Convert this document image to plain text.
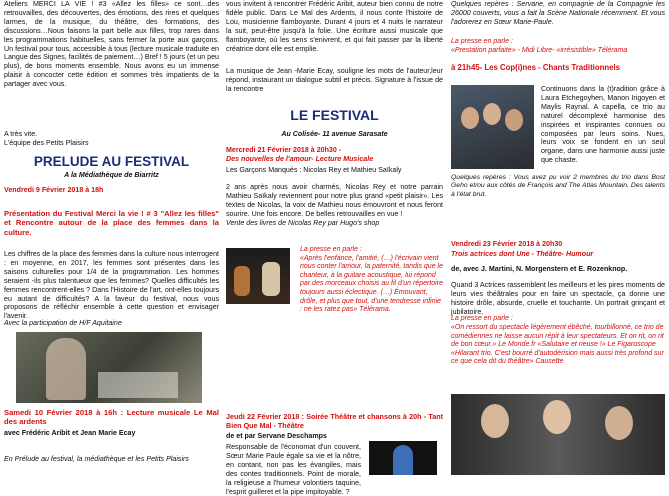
Ateliers MERCI LA VIE ! #3 «Allez les filles» ce sont…des retrouvailles, des découvertes, des émotions, des rires et quelques larmes, de la musique, du théâtre, des formations, des discussions…Nous faisons la part belle aux filles, trop rares dans les programmations habituelles, sans fermer la porte aux garçons. Un festival pour tous, accessible à tous (lecture musicale traduite en Langue des Signes, facilités de paiement…) Bref ! 5 jours (et un peu plus), de bons moments ensemble. Nous avons eu un immense plaisir à concocter cette édition et sommes très impatients de la partager avec vous.

A très vite.

L'équipe des Petits Plaisirs

PRELUDE AU FESTIVAL

A la Médiathèque de Biarritz

Vendredi 9 Février 2018 à 18h

Présentation du Festival Merci la vie ! # 3 "Allez les filles" et Rencontre autour de la place des femmes dans la culture.

Les chiffres de la place des femmes dans la culture nous interrogent : en moyenne, en 2017, les femmes sont présentes dans les saisons culturelles pour 1/4 de la programmation. Les hommes seraient -ils plus talentueux que les femmes? Quelles difficultés les femmes rencontrent-elles ? Dans l'Histoire de l'art, ont-elles toujours eu autant de difficultés? A la faveur du festival, nous vous proposons de réfléchir ensemble à cette question et envisager l'avenir.

Avec la participation de H/F Aquitaine

Samedi 10 Février 2018 à 16h : Lecture musicale Le Mal des ardents

avec Frédéric Aribit et Jean Marie Ecay

En Prélude au festival, la médiathèque et les Petits Plaisirs

vous invitent à rencontrer Frédéric Aribit, auteur bien connu de notre fidèle public. Dans Le Mal des Ardents, il nous conte l'histoire de Lou, musicienne flamboyante. Durant 4 jours et 4 nuits le narrateur la suit, peut-être jusqu'à la folie. Une écriture aussi musicale que flamboyante, où les sens s'enivrent, et qui fait passer par la liberté créatrice dont elle est emplie.

La musique de Jean -Marie Ecay, souligne les mots de l'auteur,leur répond, instaurant un dialogue subtil et précis. Signature à l'issue de la rencontre

LE FESTIVAL

Au Colisée- 11 avenue Sarasate

Mercredi 21 Février 2018 à 20h30 -

Des nouvelles de l'amour- Lecture Musicale

Les Garçons Manqués : Nicolas Rey et Mathieu Saïkaly

2 ans après nous avoir charmés, Nicolas Rey et notre parrain Mathieu Saïkaly reviennent pour notre plus grand «petit plaisir». Les textes de Nicolas, la voix de Mathieu nous émouvront et nous feront sourire. Une fois encore. De belles retrouvailles en vue !

Vente des livres de Nicolas Rey par Hugo's shop

La presse en parle :

«Après l'enfance, l'amitié, (…) l'écrivain vient nous conter l'amour, la paternité, tandis que le chanteur, à la guitare acoustique, lui répond par des morceaux choisis au fil d'un répertoire toujours aussi éclectique. (…) Émouvant, drôle, et plus que tout, d'une tendresse infinie : ne les ratez pas» Télérama.

Jeudi 22 Février 2018 : Soirée Théâtre et chansons à 20h - Tant Bien Que Mal - Théâtre

de et par Servane Deschamps

Responsable de l'économat d'un couvent, Sœur Marie Paule égale sa vie et la nôtre, en contant, non pas les évangiles, mais des contes traditionnels. Point de morale, la religieuse a l'humeur volontiers taquine, l'esprit guilleret et la pipe impitoyable. ?

Quelques repères : Servane, en compagnie de la Compagnie les 26000 couverts, vous a fait la Scène Nationale récemment. Et vous l'adorerez en Sœur Marie-Paule.

La presse en parle :

«Prestation parfaite» - Midi Libre- «irrésistible» Télérama

à 21h45- Les Cop(i)nes - Chants Traditionnels

Continuons dans la (t)radition grâce à Laura Etchegoyhen, Manon Irigoyen et Maylis Raynal. A capella, ce trio au naturel décomplexé harmonise des inspirées et inspirantes connues ou composées par leurs soins. Nues, leurs voix se fondent en un seul organe, dans une harmonie aussi juste que chaste.

Quelques repères : Vous avez pu voir 2 membres du trio dans Bost Geho et/ou aux côtés de François and The Atlas Mountain. Des talents à l'état brut.

Vendredi 23 Février 2018 à 20h30

Trois actrices dont Une - Théâtre- Humour

de, avec J. Martini, N. Morgenstern et E. Rozenknop.

Quand 3 Actrices rassemblent les meilleurs et les pires moments de leurs vies théâtrales pour en faire un spectacle, ça donne une histoire drôle, absurde, cruelle et touchante. Un portrait grinçant et jubilatoire.

La presse en parle :

«On ressort du spectacle légèrement ébêché, tourbillonné, ce trio de comédiennes ne laisse aucun répit à leur spectateurs. Et on rit, on rit de bon cœur.» Le Monde.fr «Salutaire et rieuse !» Le Figaroscope «Hilarant trio. C'est bourré d'autodérision mais aussi très profond sur ce que cela dit du théâtre» Causette
